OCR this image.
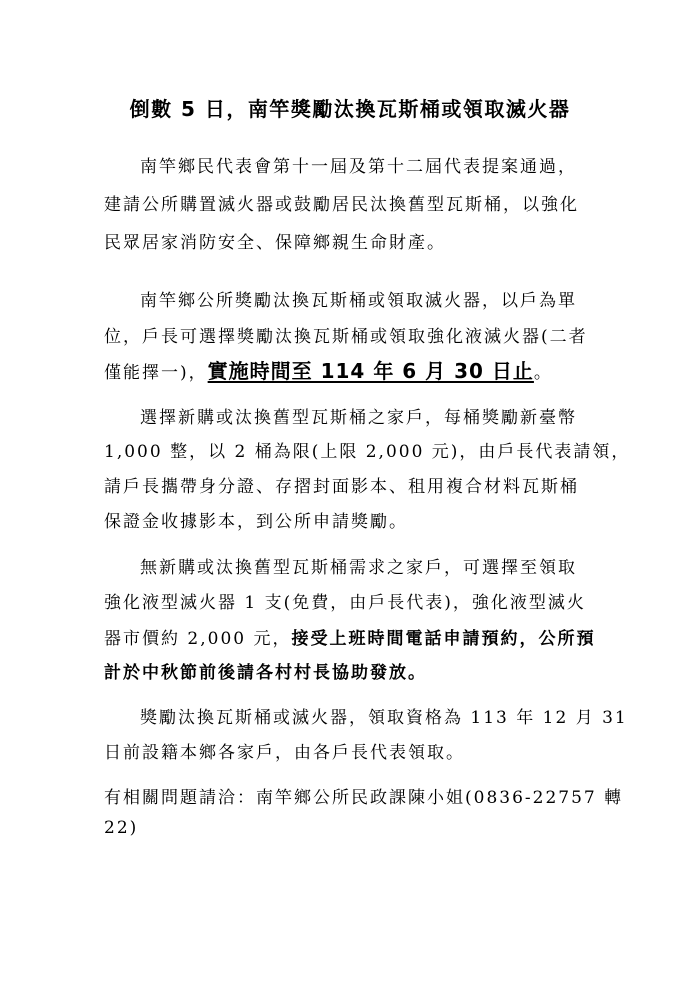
倒數 5 日，南竿獎勵汰換瓦斯桶或領取滅火器

南竿鄉民代表會第十一屆及第十二屆代表提案通過，

建請公所購置滅火器或鼓勵居民汰換舊型瓦斯桶，以強化

民眾居家消防安全、保障鄉親生命財產。

南竿鄉公所獎勵汰換瓦斯桶或領取滅火器，以戶為單

位，戶長可選擇獎勵汰換瓦斯桶或領取強化液滅火器(二者

僅能擇一)，實施時間至 114 年 6 月 30 日止。

選擇新購或汰換舊型瓦斯桶之家戶，每桶獎勵新臺幣

1,000 整，以 2 桶為限(上限 2,000 元)，由戶長代表請領，

請戶長攜帶身分證、存摺封面影本、租用複合材料瓦斯桶

保證金收據影本，到公所申請獎勵。

無新購或汰換舊型瓦斯桶需求之家戶，可選擇至領取

強化液型滅火器 1 支(免費，由戶長代表)，強化液型滅火

器市價約 2,000 元，接受上班時間電話申請預約，公所預

計於中秋節前後請各村村長協助發放。

獎勵汰換瓦斯桶或滅火器，領取資格為 113 年 12 月 31

日前設籍本鄉各家戶，由各戶長代表領取。

有相關問題請洽：南竿鄉公所民政課陳小姐(0836-22757 轉

22)
